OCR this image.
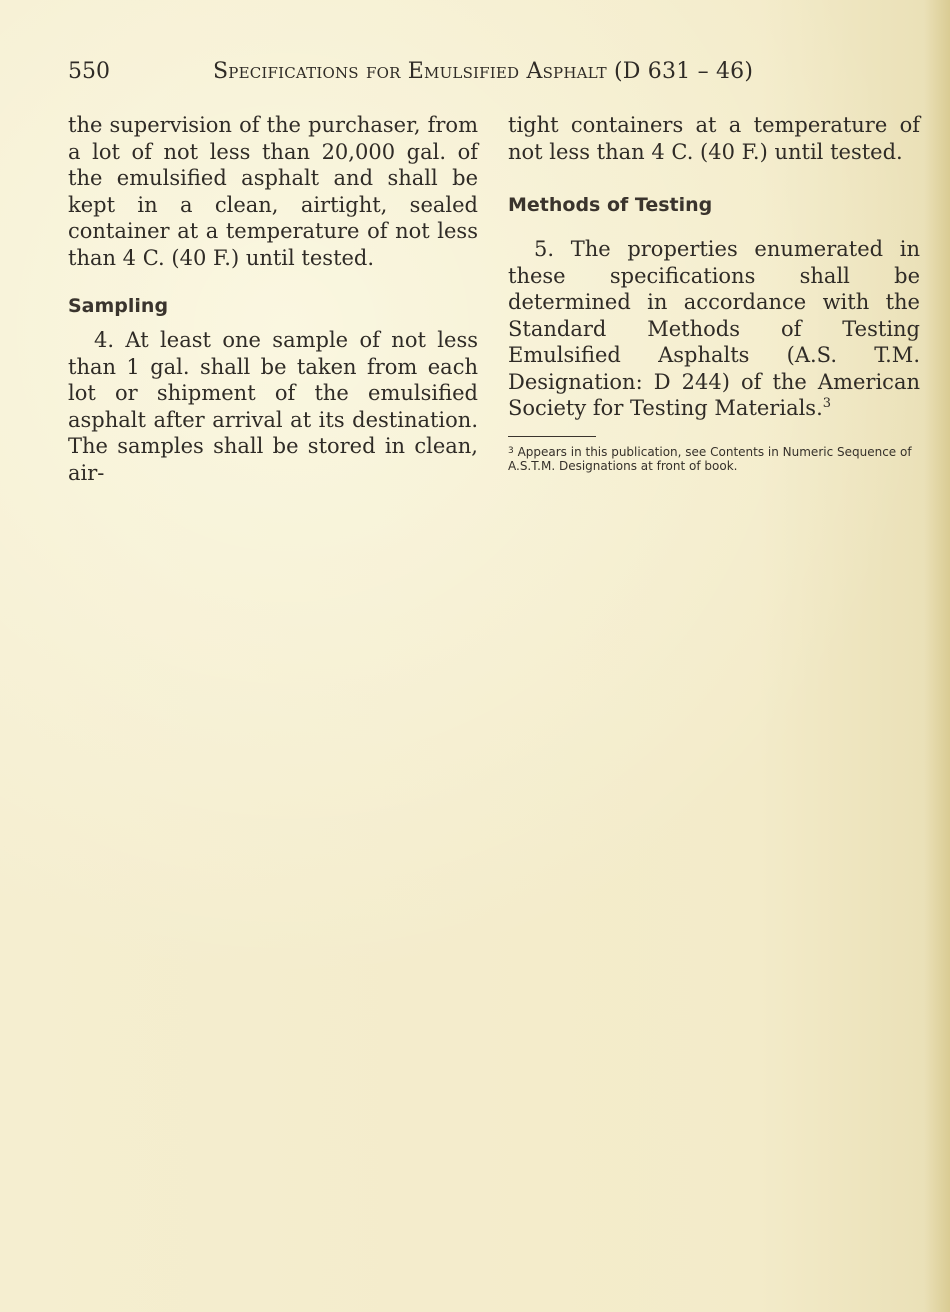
550	Specifications for Emulsified Asphalt (D 631 – 46)

the supervision of the purchaser, from a lot of not less than 20,000 gal. of the emulsified asphalt and shall be kept in a clean, airtight, sealed container at a temperature of not less than 4 C. (40 F.) until tested.

Sampling

4. At least one sample of not less than 1 gal. shall be taken from each lot or shipment of the emulsified asphalt after arrival at its destination. The samples shall be stored in clean, air-

tight containers at a temperature of not less than 4 C. (40 F.) until tested.

Methods of Testing

5. The properties enumerated in these specifications shall be determined in accordance with the Standard Methods of Testing Emulsified Asphalts (A.S. T.M. Designation: D 244) of the American Society for Testing Materials.$^3$

$^3$ Appears in this publication, see Contents in Numeric Sequence of A.S.T.M. Designations at front of book.
